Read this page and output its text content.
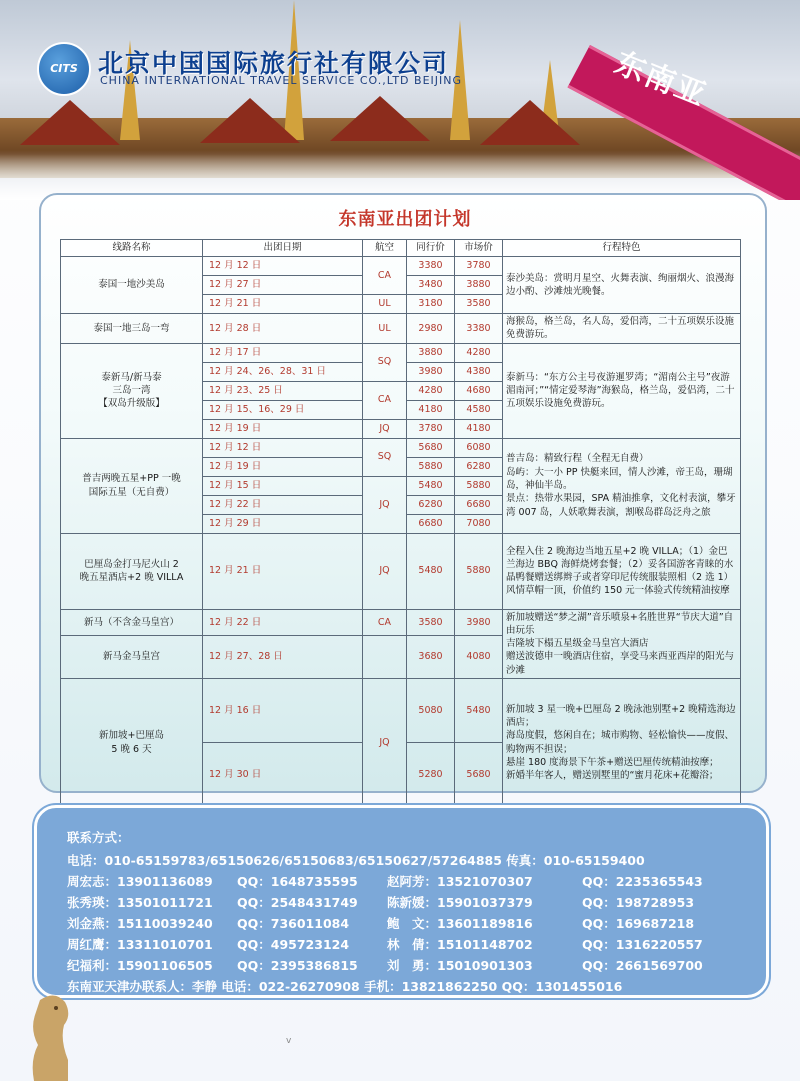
CITS 北京中国国际旅行社有限公司
CHINA INTERNATIONAL TRAVEL SERVICE CO.,LTD BEIJING	东南亚
东南亚出团计划
线路名称	出团日期	航空	同行价	市场价	行程特色
泰国一地沙美岛	12 月 12 日	CA	3380	3780	泰沙美岛：赏明月星空、火舞表演、绚丽烟火、浪漫海边小酌、沙滩烛光晚餐。
	12 月 27 日		3480	3880	
	12 月 21 日	UL	3180	3580	
泰国一地三岛一弯	12 月 28 日	UL	2980	3380	海猴岛，格兰岛，名人岛，爱侣湾，二十五项娱乐设施免费游玩。
泰新马/新马泰
三岛一湾
【双岛升级版】	12 月 17 日	SQ	3880	4280	泰新马：“东方公主号夜游暹罗湾；“湄南公主号”夜游湄南河；”“情定爱琴海”海猴岛，格兰岛，爱侣湾，二十五项娱乐设施免费游玩。
	12 月 24、26、28、31 日		3980	4380	
	12 月 23、25 日	CA	4280	4680	
	12 月 15、16、29 日		4180	4580	
	12 月 19 日	JQ	3780	4180	
普吉两晚五星+PP 一晚
国际五星（无自费）	12 月 12 日	SQ	5680	6080	普吉岛：精致行程（全程无自费）
岛屿：大一小 PP 快艇来回，情人沙滩，帝王岛，珊瑚岛，神仙半岛。
景点：热带水果园，SPA 精油推拿，文化村表演，攀牙湾 007 岛，人妖歌舞表演，割喉岛群岛泛舟之旅
	12 月 19 日		5880	6280	
	12 月 15 日	JQ	5480	5880	
	12 月 22 日		6280	6680	
	12 月 29 日		6680	7080	
巴厘岛金打马尼火山 2
晚五星酒店+2 晚 VILLA	12 月 21 日	JQ	5480	5880	全程入住 2 晚海边当地五星+2 晚 VILLA；（1）金巴兰海边 BBQ 海鲜烧烤套餐；（2）妥各国游客青睐的水晶鸭餐赠送绑辫子或者穿印尼传统服装照相（2 选 1）风情草帽一顶，价值约 150 元一体验式传统精油按摩
新马（不含金马皇宫）	12 月 22 日	CA	3580	3980	新加坡赠送“梦之湖”音乐喷泉+名胜世界“节庆大道”自由玩乐
吉隆坡下榻五星级金马皇宫大酒店
赠送波德申一晚酒店住宿，享受马来西亚西岸的阳光与沙滩
新马金马皇宫	12 月 27、28 日		3680	4080	
新加坡+巴厘岛
5 晚 6 天	12 月 16 日	JQ	5080	5480	新加坡 3 星一晚+巴厘岛 2 晚泳池别墅+2 晚精选海边酒店；
海岛度假，悠闲自在；城市购物、轻松愉快——度假、购物两不担误；
悬崖 180 度海景下午茶+赠送巴厘传统精油按摩；
新婚半年客人，赠送别墅里的“蜜月花床+花瓣浴；
	12 月 30 日		5280	5680	
联系方式：
电话：010-65159783/65150626/65150683/65150627/57264885 传真：010-65159400
周宏志：13901136089 QQ：1648735595 赵阿芳：13521070307	QQ：2235365543
张秀瑛：13501011721 QQ：2548431749 陈新媛：15901037379	QQ：198728953
刘金燕：15110039240 QQ：736011084	鲍　文：13601189816	QQ：169687218
周红鹰：13311010701 QQ：495723124	林　倩：15101148702	QQ：1316220557
纪福利：15901106505 QQ：2395386815 刘　勇：15010901303	QQ：2661569700
东南亚天津办联系人：李静 电话：022-26270908 手机：13821862250 QQ：1301455016
v
